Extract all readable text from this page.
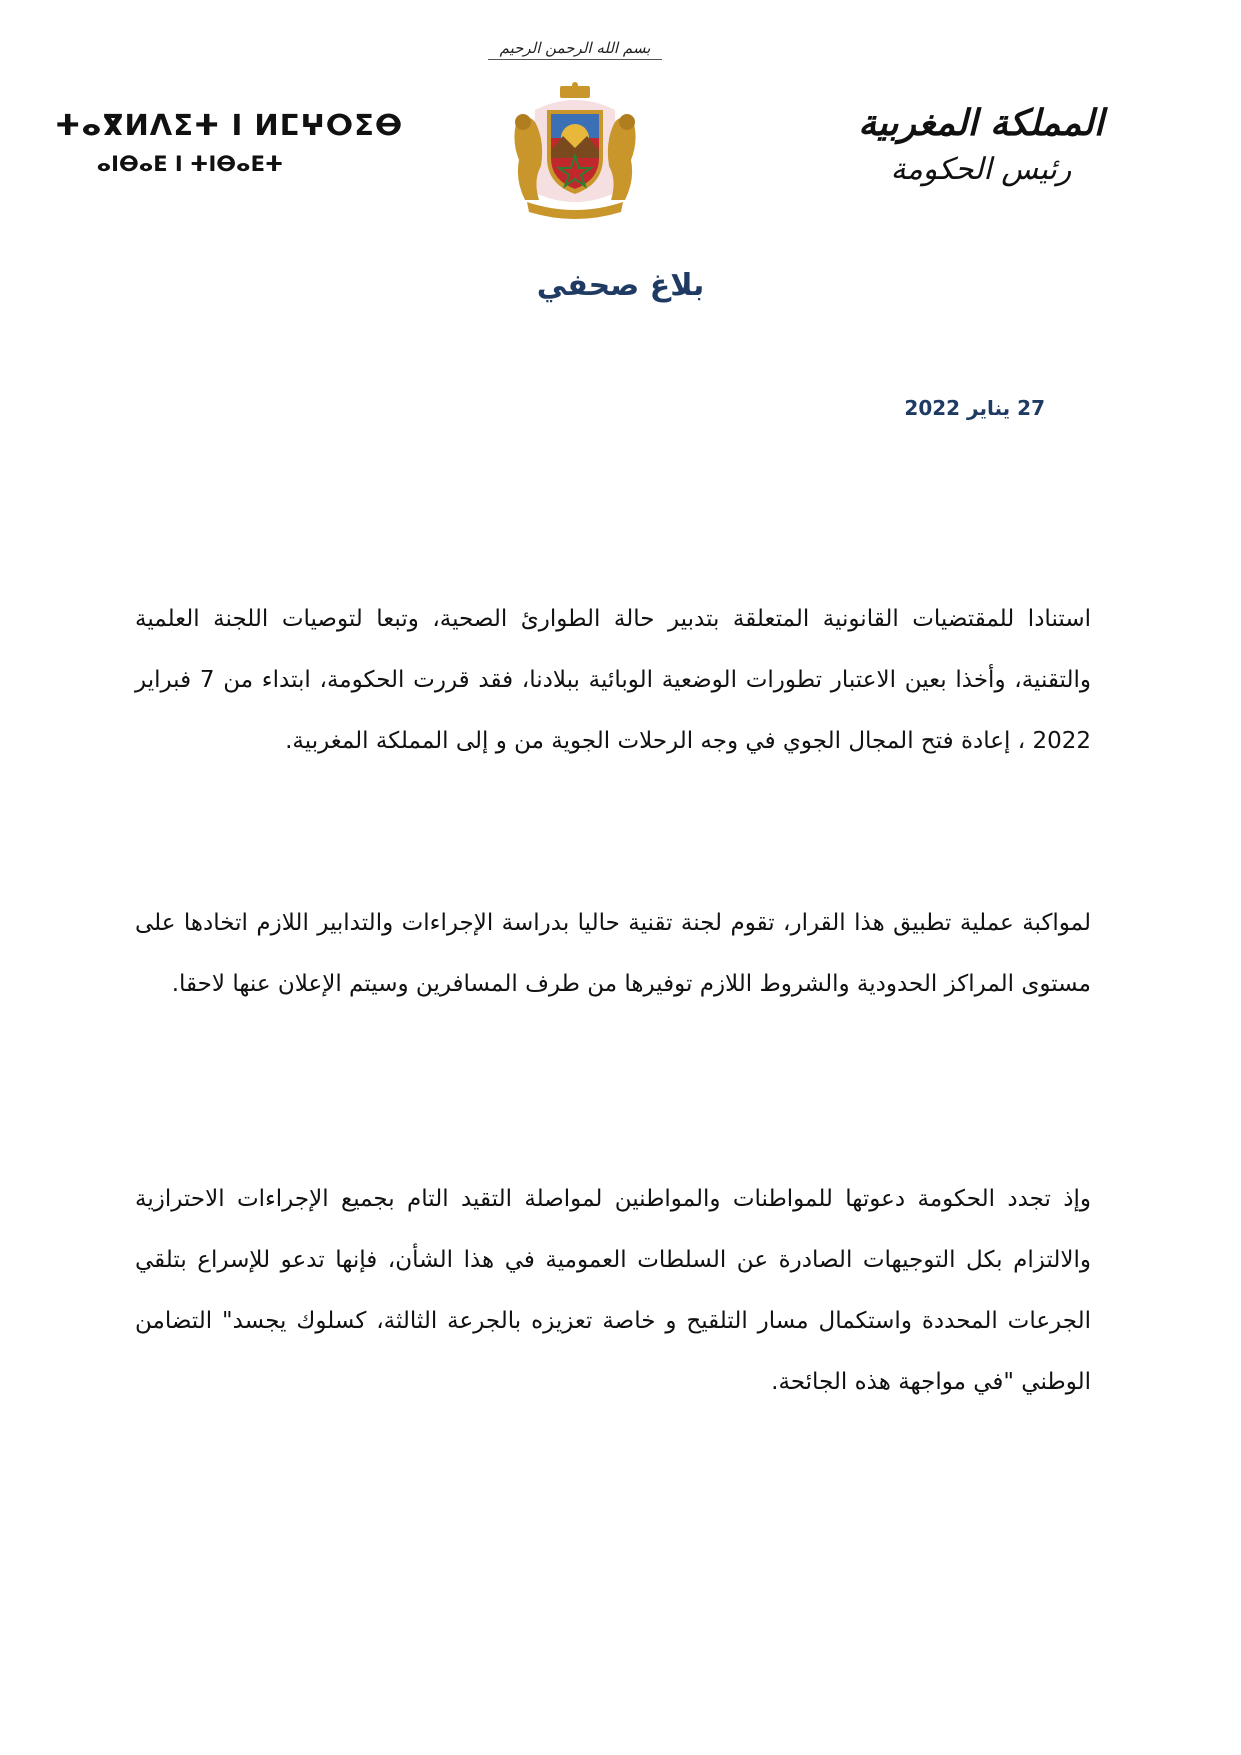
ⵜⴰⴳⵍⴷⵉⵜ ⵏ ⵍⵎⵖⵔⵉⴱ
ⴰⵏⴱⴰⴹ ⵏ ⵜⵏⴱⴰⴹⵜ
بسم الله الرحمن الرحيم
المملكة المغربية
رئيس الحكومة
بلاغ صحفي
27 يناير 2022

استنادا للمقتضيات القانونية المتعلقة بتدبير حالة الطوارئ الصحية، وتبعا لتوصيات اللجنة العلمية والتقنية، وأخذا بعين الاعتبار تطورات الوضعية الوبائية ببلادنا، فقد قررت الحكومة، ابتداء من 7 فبراير 2022 ، إعادة فتح المجال الجوي في وجه الرحلات الجوية من و إلى المملكة المغربية.

لمواكبة عملية تطبيق هذا القرار، تقوم لجنة تقنية حاليا بدراسة الإجراءات والتدابير اللازم اتخادها على مستوى المراكز الحدودية والشروط اللازم توفيرها من طرف المسافرين وسيتم الإعلان عنها لاحقا.

وإذ تجدد الحكومة دعوتها للمواطنات والمواطنين لمواصلة التقيد التام بجميع الإجراءات الاحترازية والالتزام بكل التوجيهات الصادرة عن السلطات العمومية في هذا الشأن، فإنها تدعو للإسراع بتلقي الجرعات المحددة واستكمال مسار التلقيح و خاصة تعزيزه بالجرعة الثالثة، كسلوك يجسد" التضامن الوطني "في مواجهة هذه الجائحة.
